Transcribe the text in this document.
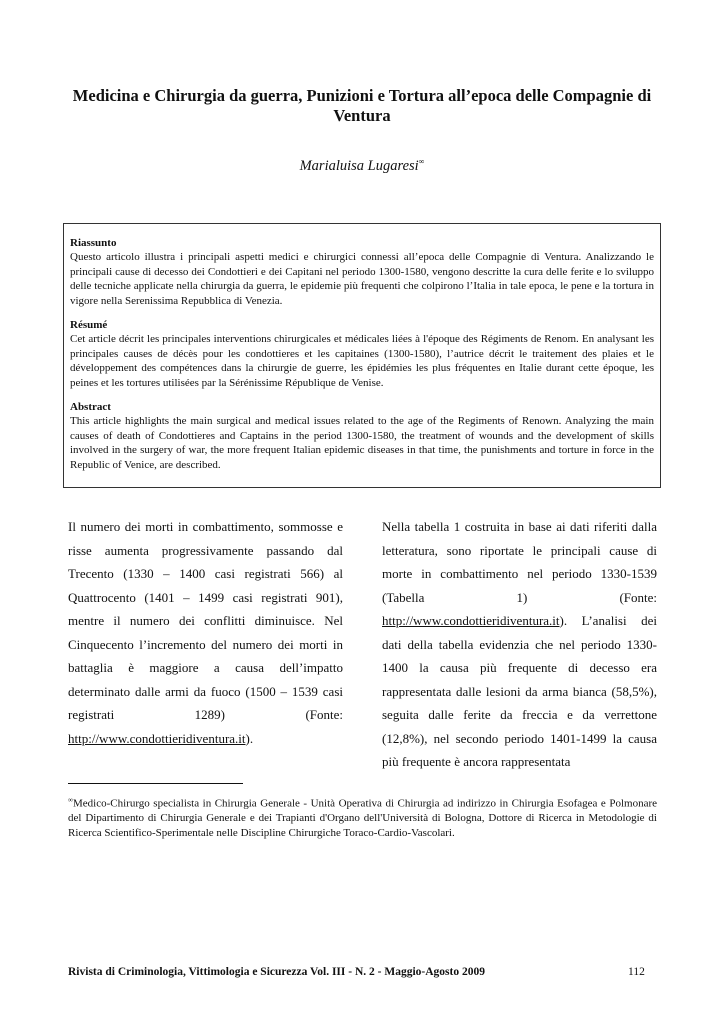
Medicina e Chirurgia da guerra, Punizioni e Tortura all’epoca delle Compagnie di Ventura
Marialuisa Lugaresi∞
Riassunto
Questo articolo illustra i principali aspetti medici e chirurgici connessi all’epoca delle Compagnie di Ventura. Analizzando le principali cause di decesso dei Condottieri e dei Capitani nel periodo 1300-1580, vengono descritte la cura delle ferite e lo sviluppo delle tecniche applicate nella chirurgia da guerra, le epidemie più frequenti che colpirono l’Italia in tale epoca, le pene e la tortura in vigore nella Serenissima Repubblica di Venezia.
Résumé
Cet article décrit les principales interventions chirurgicales et médicales liées à l'époque des Régiments de Renom. En analysant les principales causes de décès pour les condottieres et les capitaines (1300-1580), l’autrice décrit le traitement des plaies et le développement des compétences dans la chirurgie de guerre, les épidémies les plus fréquentes en Italie durant cette époque, les peines et les tortures utilisées par la Sérénissime République de Venise.
Abstract
This article highlights the main surgical and medical issues related to the age of the Regiments of Renown. Analyzing the main causes of death of Condottieres and Captains in the period 1300-1580, the treatment of wounds and the development of skills involved in the surgery of war, the more frequent Italian epidemic diseases in that time, the punishments and torture in force in the Republic of Venice, are described.
Il numero dei morti in combattimento, sommosse e risse aumenta progressivamente passando dal Trecento (1330 – 1400 casi registrati 566) al Quattrocento (1401 – 1499 casi registrati 901), mentre il numero dei conflitti diminuisce. Nel Cinquecento l’incremento del numero dei morti in battaglia è maggiore a causa dell’impatto determinato dalle armi da fuoco (1500 – 1539 casi registrati 1289) (Fonte: http://www.condottieridiventura.it).
Nella tabella 1 costruita in base ai dati riferiti dalla letteratura, sono riportate le principali cause di morte in combattimento nel periodo 1330-1539 (Tabella 1) (Fonte: http://www.condottieridiventura.it). L’analisi dei dati della tabella evidenzia che nel periodo 1330-1400 la causa più frequente di decesso era rappresentata dalle lesioni da arma bianca (58,5%), seguita dalle ferite da freccia e da verrettone (12,8%), nel secondo periodo 1401-1499 la causa più frequente è ancora rappresentata
∞Medico-Chirurgo specialista in Chirurgia Generale - Unità Operativa di Chirurgia ad indirizzo in Chirurgia Esofagea e Polmonare del Dipartimento di Chirurgia Generale e dei Trapianti d'Organo dell'Università di Bologna, Dottore di Ricerca in Metodologie di Ricerca Scientifico-Sperimentale nelle Discipline Chirurgiche Toraco-Cardio-Vascolari.
Rivista di Criminologia, Vittimologia e Sicurezza Vol. III - N. 2 - Maggio-Agosto 2009	112
